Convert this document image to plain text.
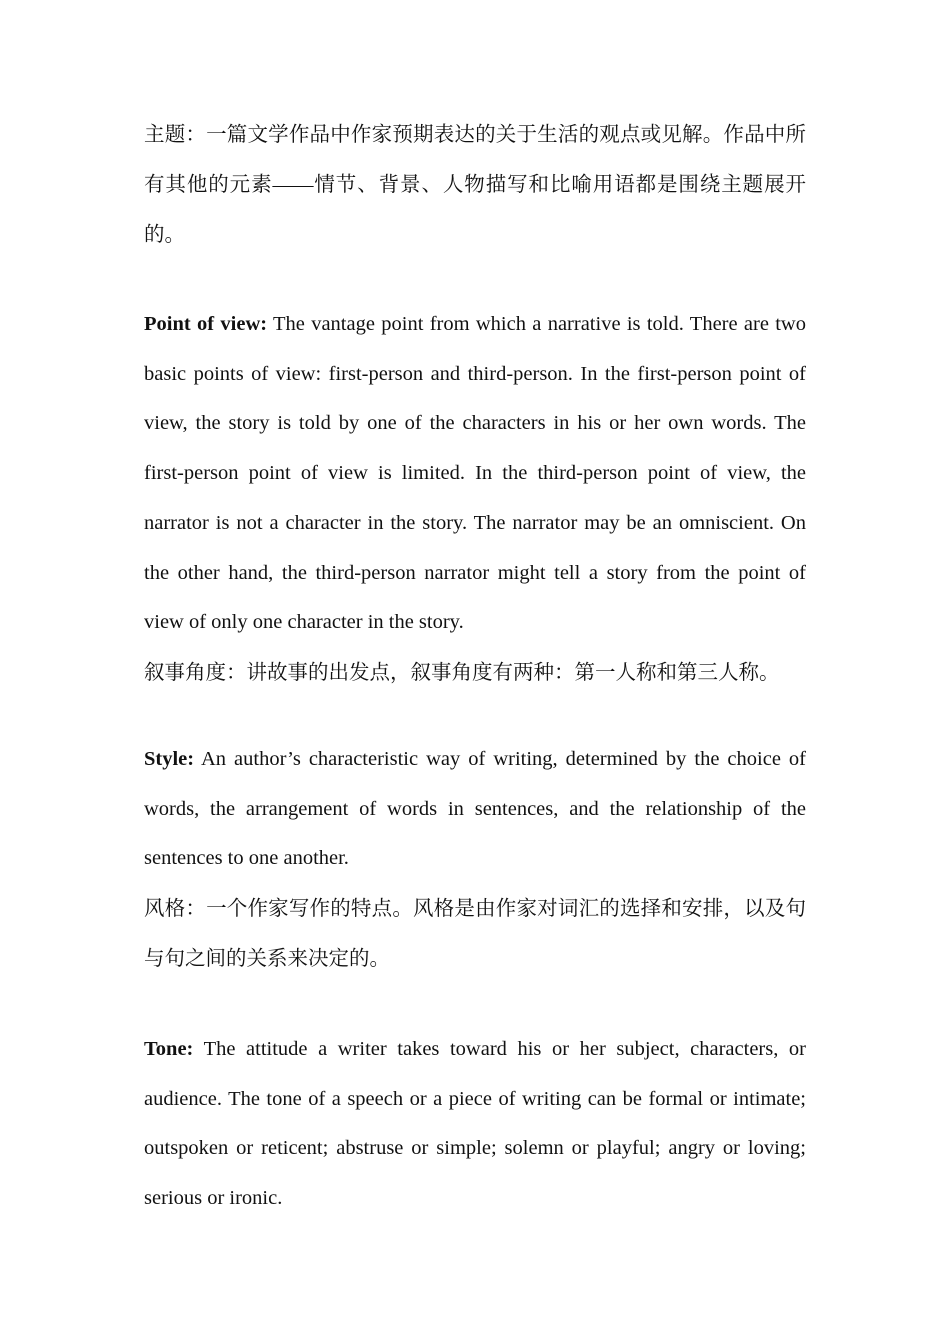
主题：一篇文学作品中作家预期表达的关于生活的观点或见解。作品中所有其他的元素——情节、背景、人物描写和比喻用语都是围绕主题展开的。

Point of view: The vantage point from which a narrative is told. There are two basic points of view: first-person and third-person. In the first-person point of view, the story is told by one of the characters in his or her own words. The first-person point of view is limited. In the third-person point of view, the narrator is not a character in the story. The narrator may be an omniscient. On the other hand, the third-person narrator might tell a story from the point of view of only one character in the story.

叙事角度：讲故事的出发点，叙事角度有两种：第一人称和第三人称。

Style: An author’s characteristic way of writing, determined by the choice of words, the arrangement of words in sentences, and the relationship of the sentences to one another.

风格：一个作家写作的特点。风格是由作家对词汇的选择和安排，以及句与句之间的关系来决定的。

Tone: The attitude a writer takes toward his or her subject, characters, or audience. The tone of a speech or a piece of writing can be formal or intimate; outspoken or reticent; abstruse or simple; solemn or playful; angry or loving; serious or ironic.
